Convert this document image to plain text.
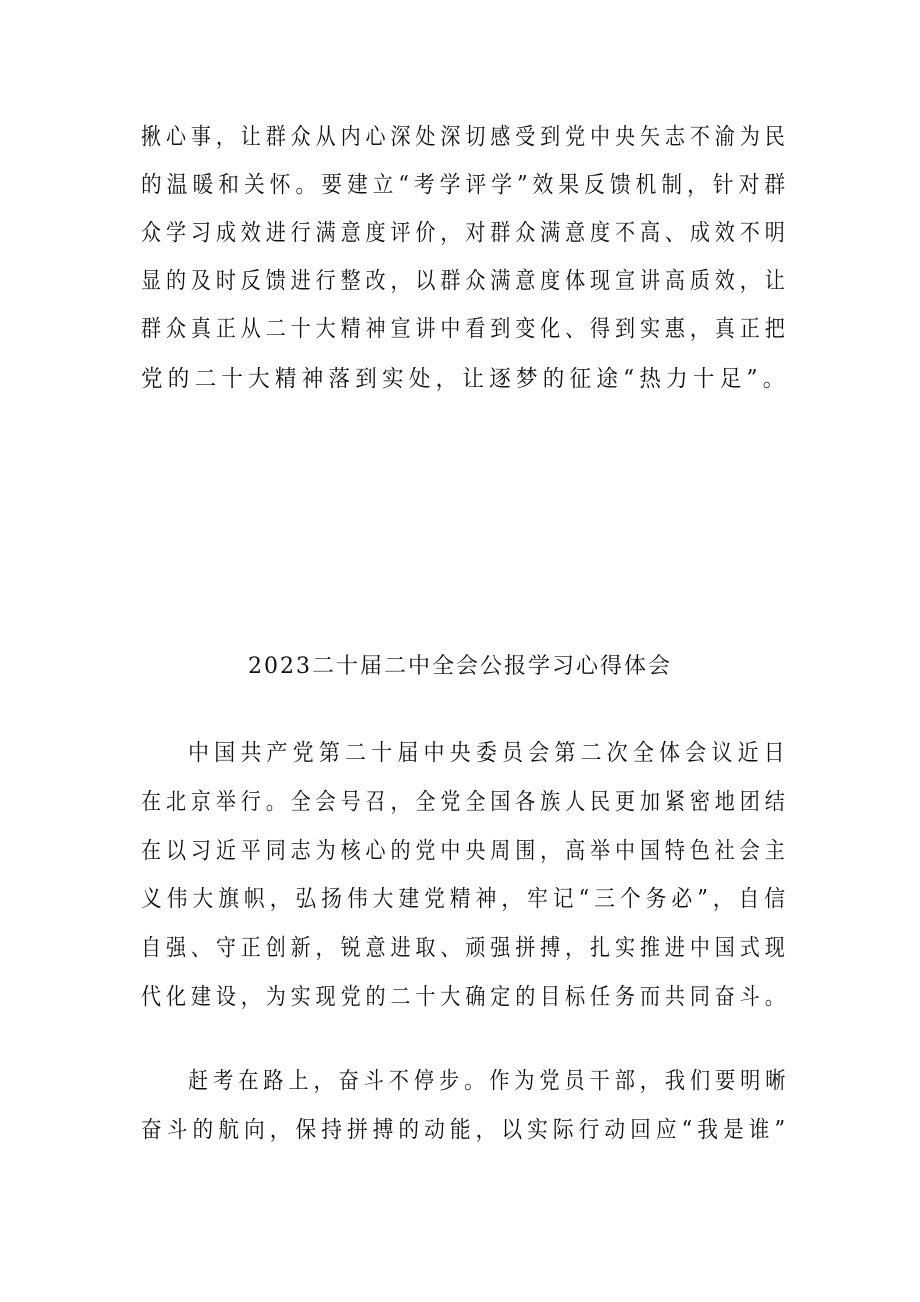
揪心事，让群众从内心深处深切感受到党中央矢志不渝为民
的温暖和关怀。要建立“考学评学”效果反馈机制，针对群
众学习成效进行满意度评价，对群众满意度不高、成效不明
显的及时反馈进行整改，以群众满意度体现宣讲高质效，让
群众真正从二十大精神宣讲中看到变化、得到实惠，真正把
党的二十大精神落到实处，让逐梦的征途“热力十足”。
2023二十届二中全会公报学习心得体会
中国共产党第二十届中央委员会第二次全体会议近日
在北京举行。全会号召，全党全国各族人民更加紧密地团结
在以习近平同志为核心的党中央周围，高举中国特色社会主
义伟大旗帜，弘扬伟大建党精神，牢记“三个务必”，自信
自强、守正创新，锐意进取、顽强拼搏，扎实推进中国式现
代化建设，为实现党的二十大确定的目标任务而共同奋斗。
赶考在路上，奋斗不停步。作为党员干部，我们要明晰
奋斗的航向，保持拼搏的动能，以实际行动回应“我是谁”
